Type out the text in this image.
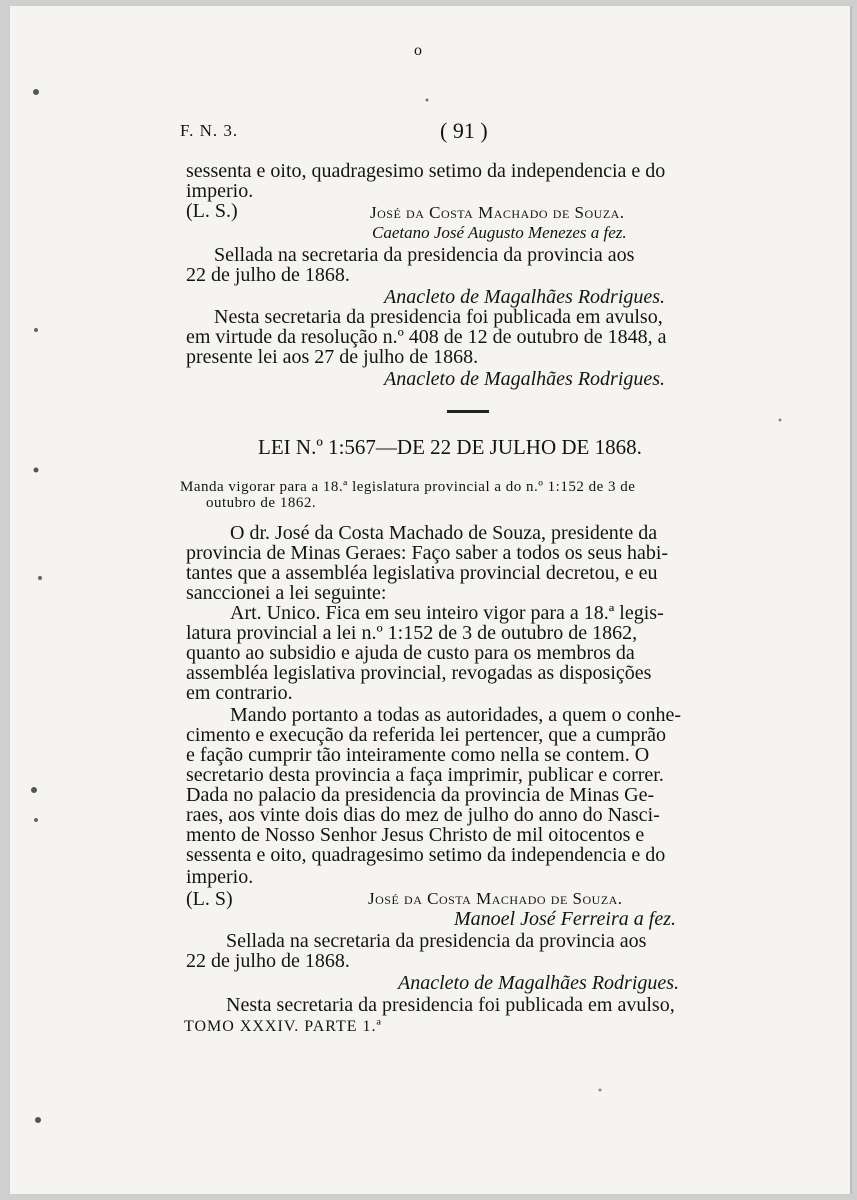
o
F. N. 3.	( 91 )
sessenta e oito, quadragesimo setimo da independencia e do
imperio.
(L. S.)	José da Costa Machado de Souza.
Caetano José Augusto Menezes a fez.
Sellada na secretaria da presidencia da provincia aos
22 de julho de 1868.
Anacleto de Magalhães Rodrigues.
Nesta secretaria da presidencia foi publicada em avulso,
em virtude da resolução n.º 408 de 12 de outubro de 1848, a
presente lei aos 27 de julho de 1868.
Anacleto de Magalhães Rodrigues.
LEI N.º 1:567—DE 22 DE JULHO DE 1868.
Manda vigorar para a 18.ª legislatura provincial a do n.º 1:152 de 3 de
outubro de 1862.
O dr. José da Costa Machado de Souza, presidente da
provincia de Minas Geraes: Faço saber a todos os seus habi-
tantes que a assembléa legislativa provincial decretou, e eu
sanccionei a lei seguinte:
Art. Unico. Fica em seu inteiro vigor para a 18.ª legis-
latura provincial a lei n.º 1:152 de 3 de outubro de 1862,
quanto ao subsidio e ajuda de custo para os membros da
assembléa legislativa provincial, revogadas as disposições
em contrario.
Mando portanto a todas as autoridades, a quem o conhe-
cimento e execução da referida lei pertencer, que a cumprão
e fação cumprir tão inteiramente como nella se contem. O
secretario desta provincia a faça imprimir, publicar e correr.
Dada no palacio da presidencia da provincia de Minas Ge-
raes, aos vinte dois dias do mez de julho do anno do Nasci-
mento de Nosso Senhor Jesus Christo de mil oitocentos e
sessenta e oito, quadragesimo setimo da independencia e do
imperio.
(L. S)	José da Costa Machado de Souza.
Manoel José Ferreira a fez.
Sellada na secretaria da presidencia da provincia aos
22 de julho de 1868.
Anacleto de Magalhães Rodrigues.
Nesta secretaria da presidencia foi publicada em avulso,
TOMO XXXIV. PARTE 1.ª
